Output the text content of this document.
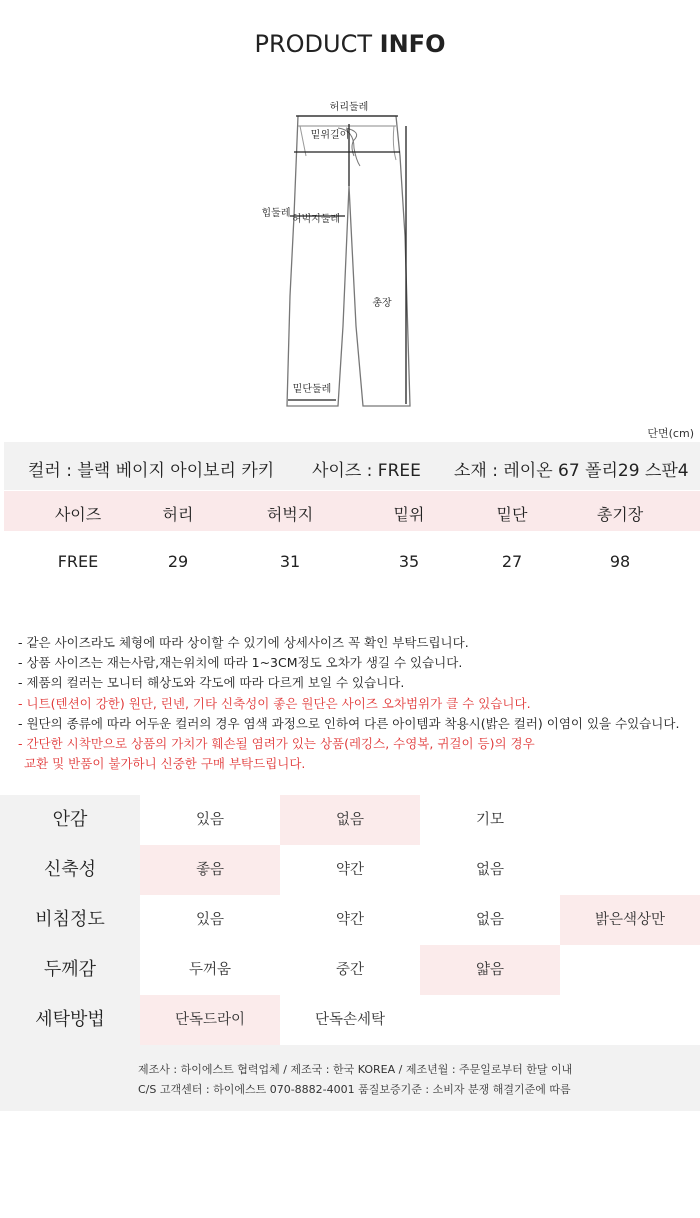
PRODUCT INFO
허리둘레
밑위길이
힙둘레
허벅지둘레
총장
밑단둘레
단면(cm)
컬러 : 블랙 베이지 아이보리 카키 사이즈 : FREE 소재 : 레이온 67 폴리29 스판4
사이즈	허리	허벅지	밑위	밑단	총기장
FREE	29	31	35	27	98
- 같은 사이즈라도 체형에 따라 상이할 수 있기에 상세사이즈 꼭 확인 부탁드립니다.
- 상품 사이즈는 재는사람,재는위치에 따라 1~3CM정도 오차가 생길 수 있습니다.
- 제품의 컬러는 모니터 해상도와 각도에 따라 다르게 보일 수 있습니다.
- 니트(텐션이 강한) 원단, 린넨, 기타 신축성이 좋은 원단은 사이즈 오차범위가 클 수 있습니다.
- 원단의 종류에 따라 어두운 컬러의 경우 염색 과정으로 인하여 다른 아이템과 착용시(밝은 컬러) 이염이 있을 수있습니다.
- 간단한 시착만으로 상품의 가치가 훼손될 염려가 있는 상품(레깅스, 수영복, 귀걸이 등)의 경우
교환 및 반품이 불가하니 신중한 구매 부탁드립니다.
안감	있음	없음	기모
신축성	좋음	약간	없음
비침정도	있음	약간	없음	밝은색상만
두께감	두꺼움	중간	얇음
세탁방법	단독드라이	단독손세탁
제조사 : 하이에스트 협력업체 / 제조국 : 한국 KOREA / 제조년월 : 주문일로부터 한달 이내
C/S 고객센터 : 하이에스트 070-8882-4001 품질보증기준 : 소비자 분쟁 해결기준에 따름
